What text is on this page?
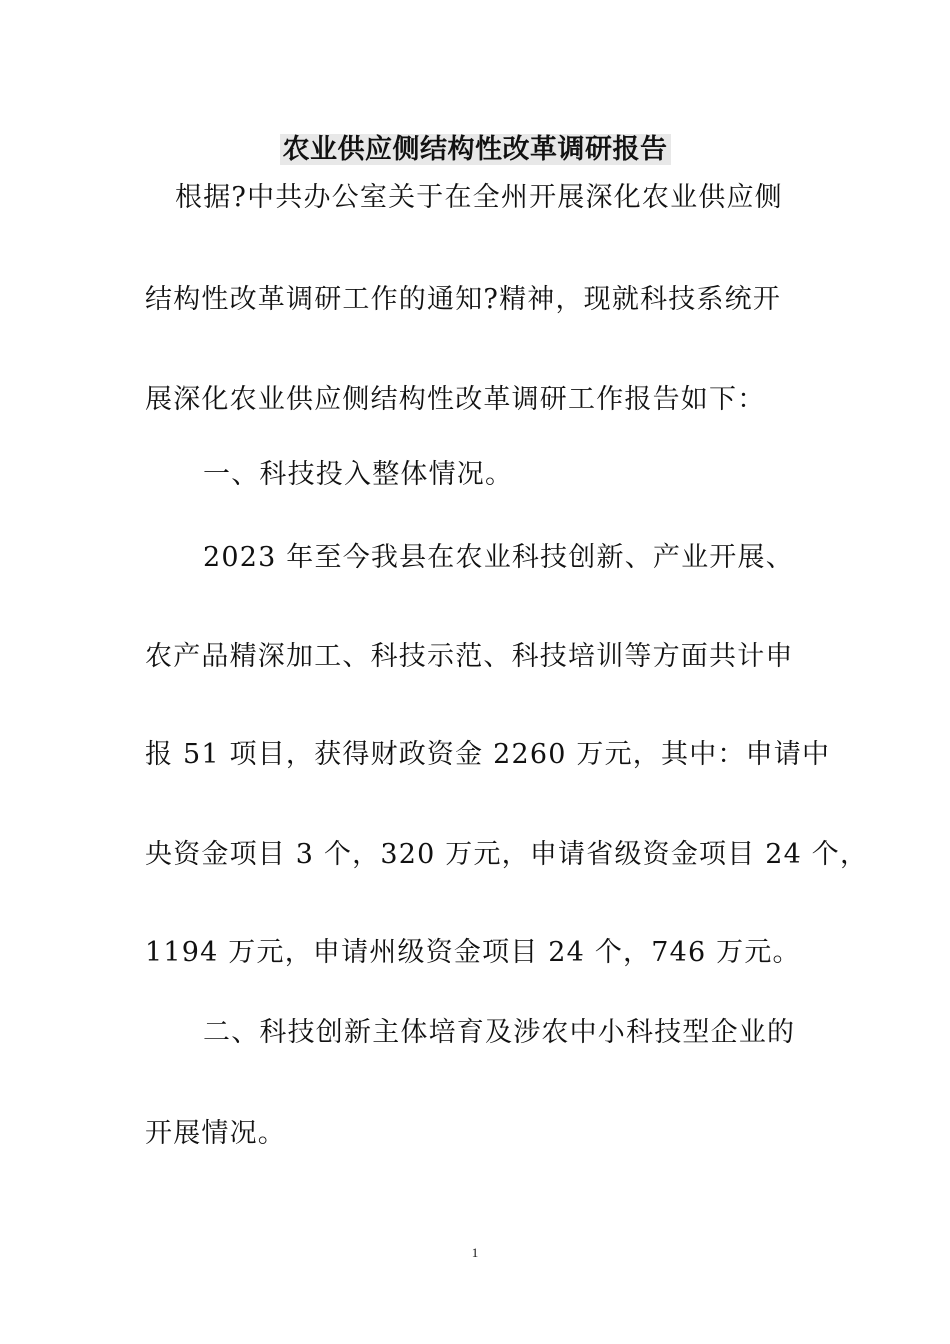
农业供应侧结构性改革调研报告
根据?中共办公室关于在全州开展深化农业供应侧
结构性改革调研工作的通知?精神，现就科技系统开
展深化农业供应侧结构性改革调研工作报告如下：
一、科技投入整体情况。
2023 年至今我县在农业科技创新、产业开展、
农产品精深加工、科技示范、科技培训等方面共计申
报 51 项目，获得财政资金 2260 万元，其中：申请中
央资金项目 3 个，320 万元，申请省级资金项目 24 个，
1194 万元，申请州级资金项目 24 个，746 万元。
二、科技创新主体培育及涉农中小科技型企业的
开展情况。
1
